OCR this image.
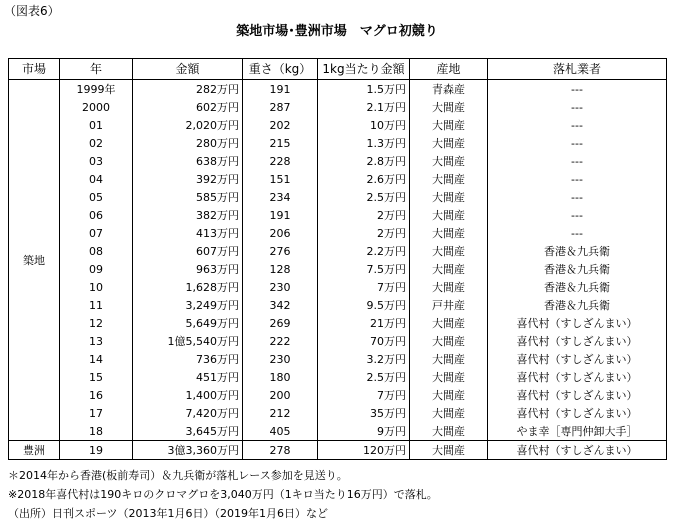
（図表6）
築地市場･豊洲市場　マグロ初競り
市場	年	金額	重さ（kg）	1kg当たり金額	産地	落札業者
築地	1999年	282万円	191	1.5万円	青森産	---
	2000	602万円	287	2.1万円	大間産	---
	01	2,020万円	202	10万円	大間産	---
	02	280万円	215	1.3万円	大間産	---
	03	638万円	228	2.8万円	大間産	---
	04	392万円	151	2.6万円	大間産	---
	05	585万円	234	2.5万円	大間産	---
	06	382万円	191	2万円	大間産	---
	07	413万円	206	2万円	大間産	---
	08	607万円	276	2.2万円	大間産	香港＆九兵衛
	09	963万円	128	7.5万円	大間産	香港＆九兵衛
	10	1,628万円	230	7万円	大間産	香港＆九兵衛
	11	3,249万円	342	9.5万円	戸井産	香港＆九兵衛
	12	5,649万円	269	21万円	大間産	喜代村（すしざんまい）
	13	1億5,540万円	222	70万円	大間産	喜代村（すしざんまい）
	14	736万円	230	3.2万円	大間産	喜代村（すしざんまい）
	15	451万円	180	2.5万円	大間産	喜代村（すしざんまい）
	16	1,400万円	200	7万円	大間産	喜代村（すしざんまい）
	17	7,420万円	212	35万円	大間産	喜代村（すしざんまい）
	18	3,645万円	405	9万円	大間産	やま幸［専門仲卸大手］
豊洲	19	3億3,360万円	278	120万円	大間産	喜代村（すしざんまい）
＊2014年から香港(板前寿司）＆九兵衛が落札レース参加を見送り。
※2018年喜代村は190キロのクロマグロを3,040万円（1キロ当たり16万円）で落札。
（出所）日刊スポーツ（2013年1月6日）（2019年1月6日）など
